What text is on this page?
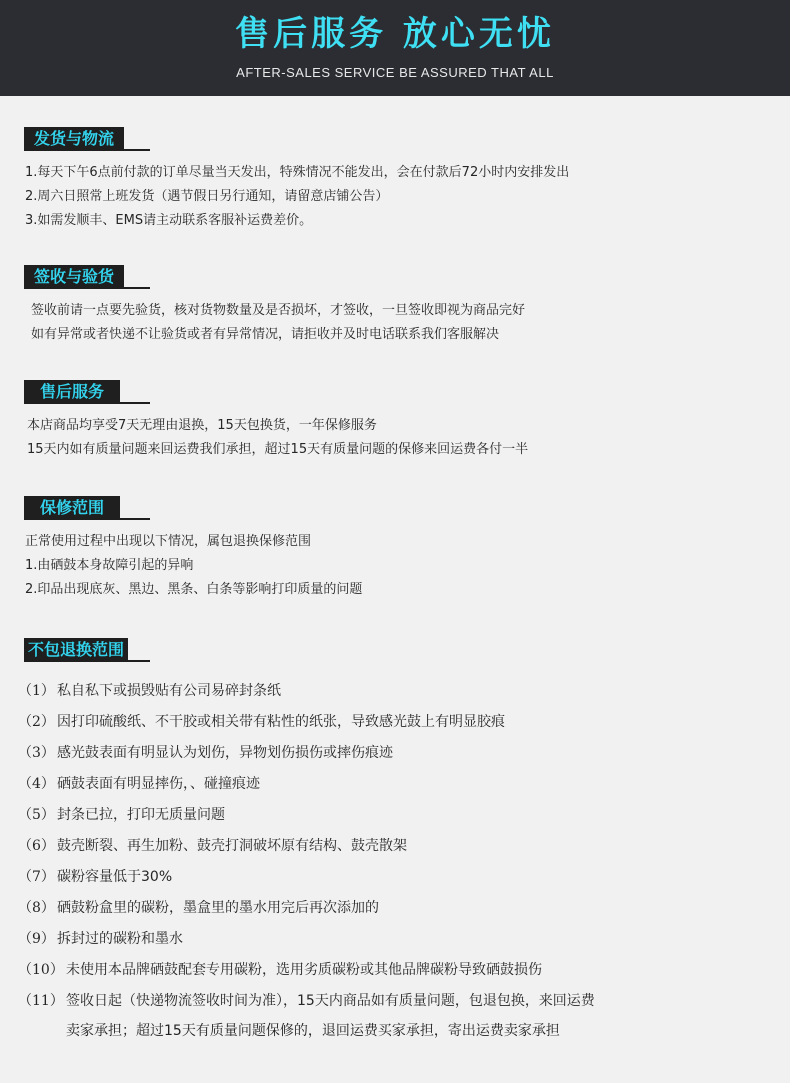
售后服务 放心无忧
AFTER-SALES SERVICE BE ASSURED THAT ALL
发货与物流
1.每天下午6点前付款的订单尽量当天发出，特殊情况不能发出，会在付款后72小时内安排发出
2.周六日照常上班发货（遇节假日另行通知，请留意店铺公告）
3.如需发顺丰、EMS请主动联系客服补运费差价。
签收与验货
签收前请一点要先验货，核对货物数量及是否损坏，才签收，一旦签收即视为商品完好
如有异常或者快递不让验货或者有异常情况，请拒收并及时电话联系我们客服解决
售后服务
本店商品均享受7天无理由退换，15天包换货，一年保修服务
15天内如有质量问题来回运费我们承担，超过15天有质量问题的保修来回运费各付一半
保修范围
正常使用过程中出现以下情况，属包退换保修范围
1.由硒鼓本身故障引起的异响
2.印品出现底灰、黑边、黑条、白条等影响打印质量的问题
不包退换范围
（1） 私自私下或损毁贴有公司易碎封条纸
（2） 因打印硫酸纸、不干胶或相关带有粘性的纸张，导致感光鼓上有明显胶痕
（3） 感光鼓表面有明显认为划伤，异物划伤损伤或摔伤痕迹
（4） 硒鼓表面有明显摔伤，、碰撞痕迹
（5） 封条已拉，打印无质量问题
（6） 鼓壳断裂、再生加粉、鼓壳打洞破坏原有结构、鼓壳散架
（7） 碳粉容量低于30%
（8） 硒鼓粉盒里的碳粉，墨盒里的墨水用完后再次添加的
（9） 拆封过的碳粉和墨水
（10） 未使用本品牌硒鼓配套专用碳粉，选用劣质碳粉或其他品牌碳粉导致硒鼓损伤
（11） 签收日起（快递物流签收时间为准），15天内商品如有质量问题，包退包换，来回运费
卖家承担；超过15天有质量问题保修的，退回运费买家承担，寄出运费卖家承担
